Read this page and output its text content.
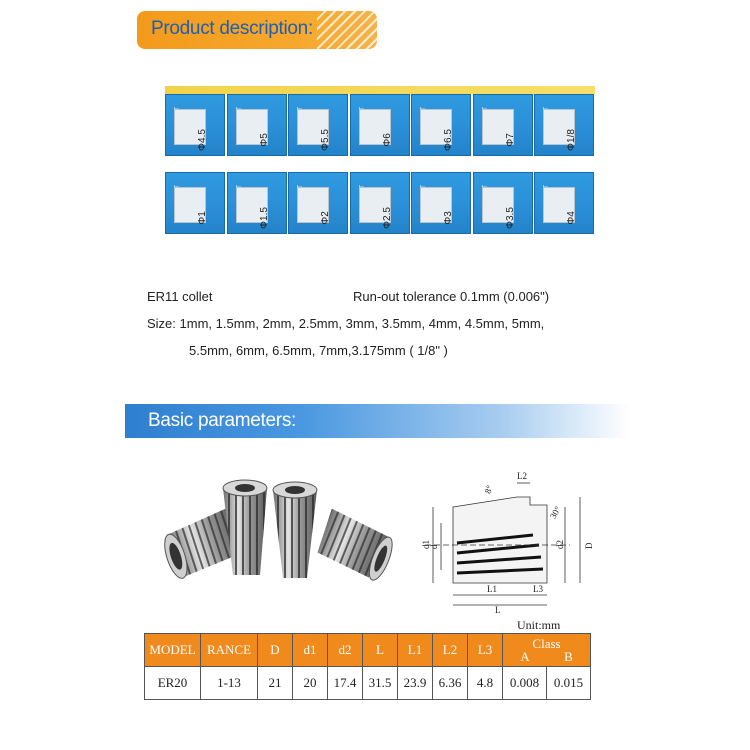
Product description:
Φ4.5	Φ5	Φ5.5	Φ6	Φ6.5	Φ7	Φ1/8
Φ1	Φ1.5	Φ2	Φ2.5	Φ3	Φ3.5	Φ4
ER11 collet	Run-out tolerance 0.1mm (0.006")
Size: 1mm, 1.5mm, 2mm, 2.5mm, 3mm, 3.5mm, 4mm, 4.5mm, 5mm,
5.5mm, 6mm, 6.5mm, 7mm,3.175mm ( 1/8" )
Basic parameters:
L2
8°
d1
d	d2 D
L1
L
L3
30°
Unit:mm
MODEL	RANCE	D	d1	d2	L	L1	L2	L3	Class
A B	

ER20	1-13	21	20	17.4	31.5	23.9	6.36	4.8	0.008	0.015
